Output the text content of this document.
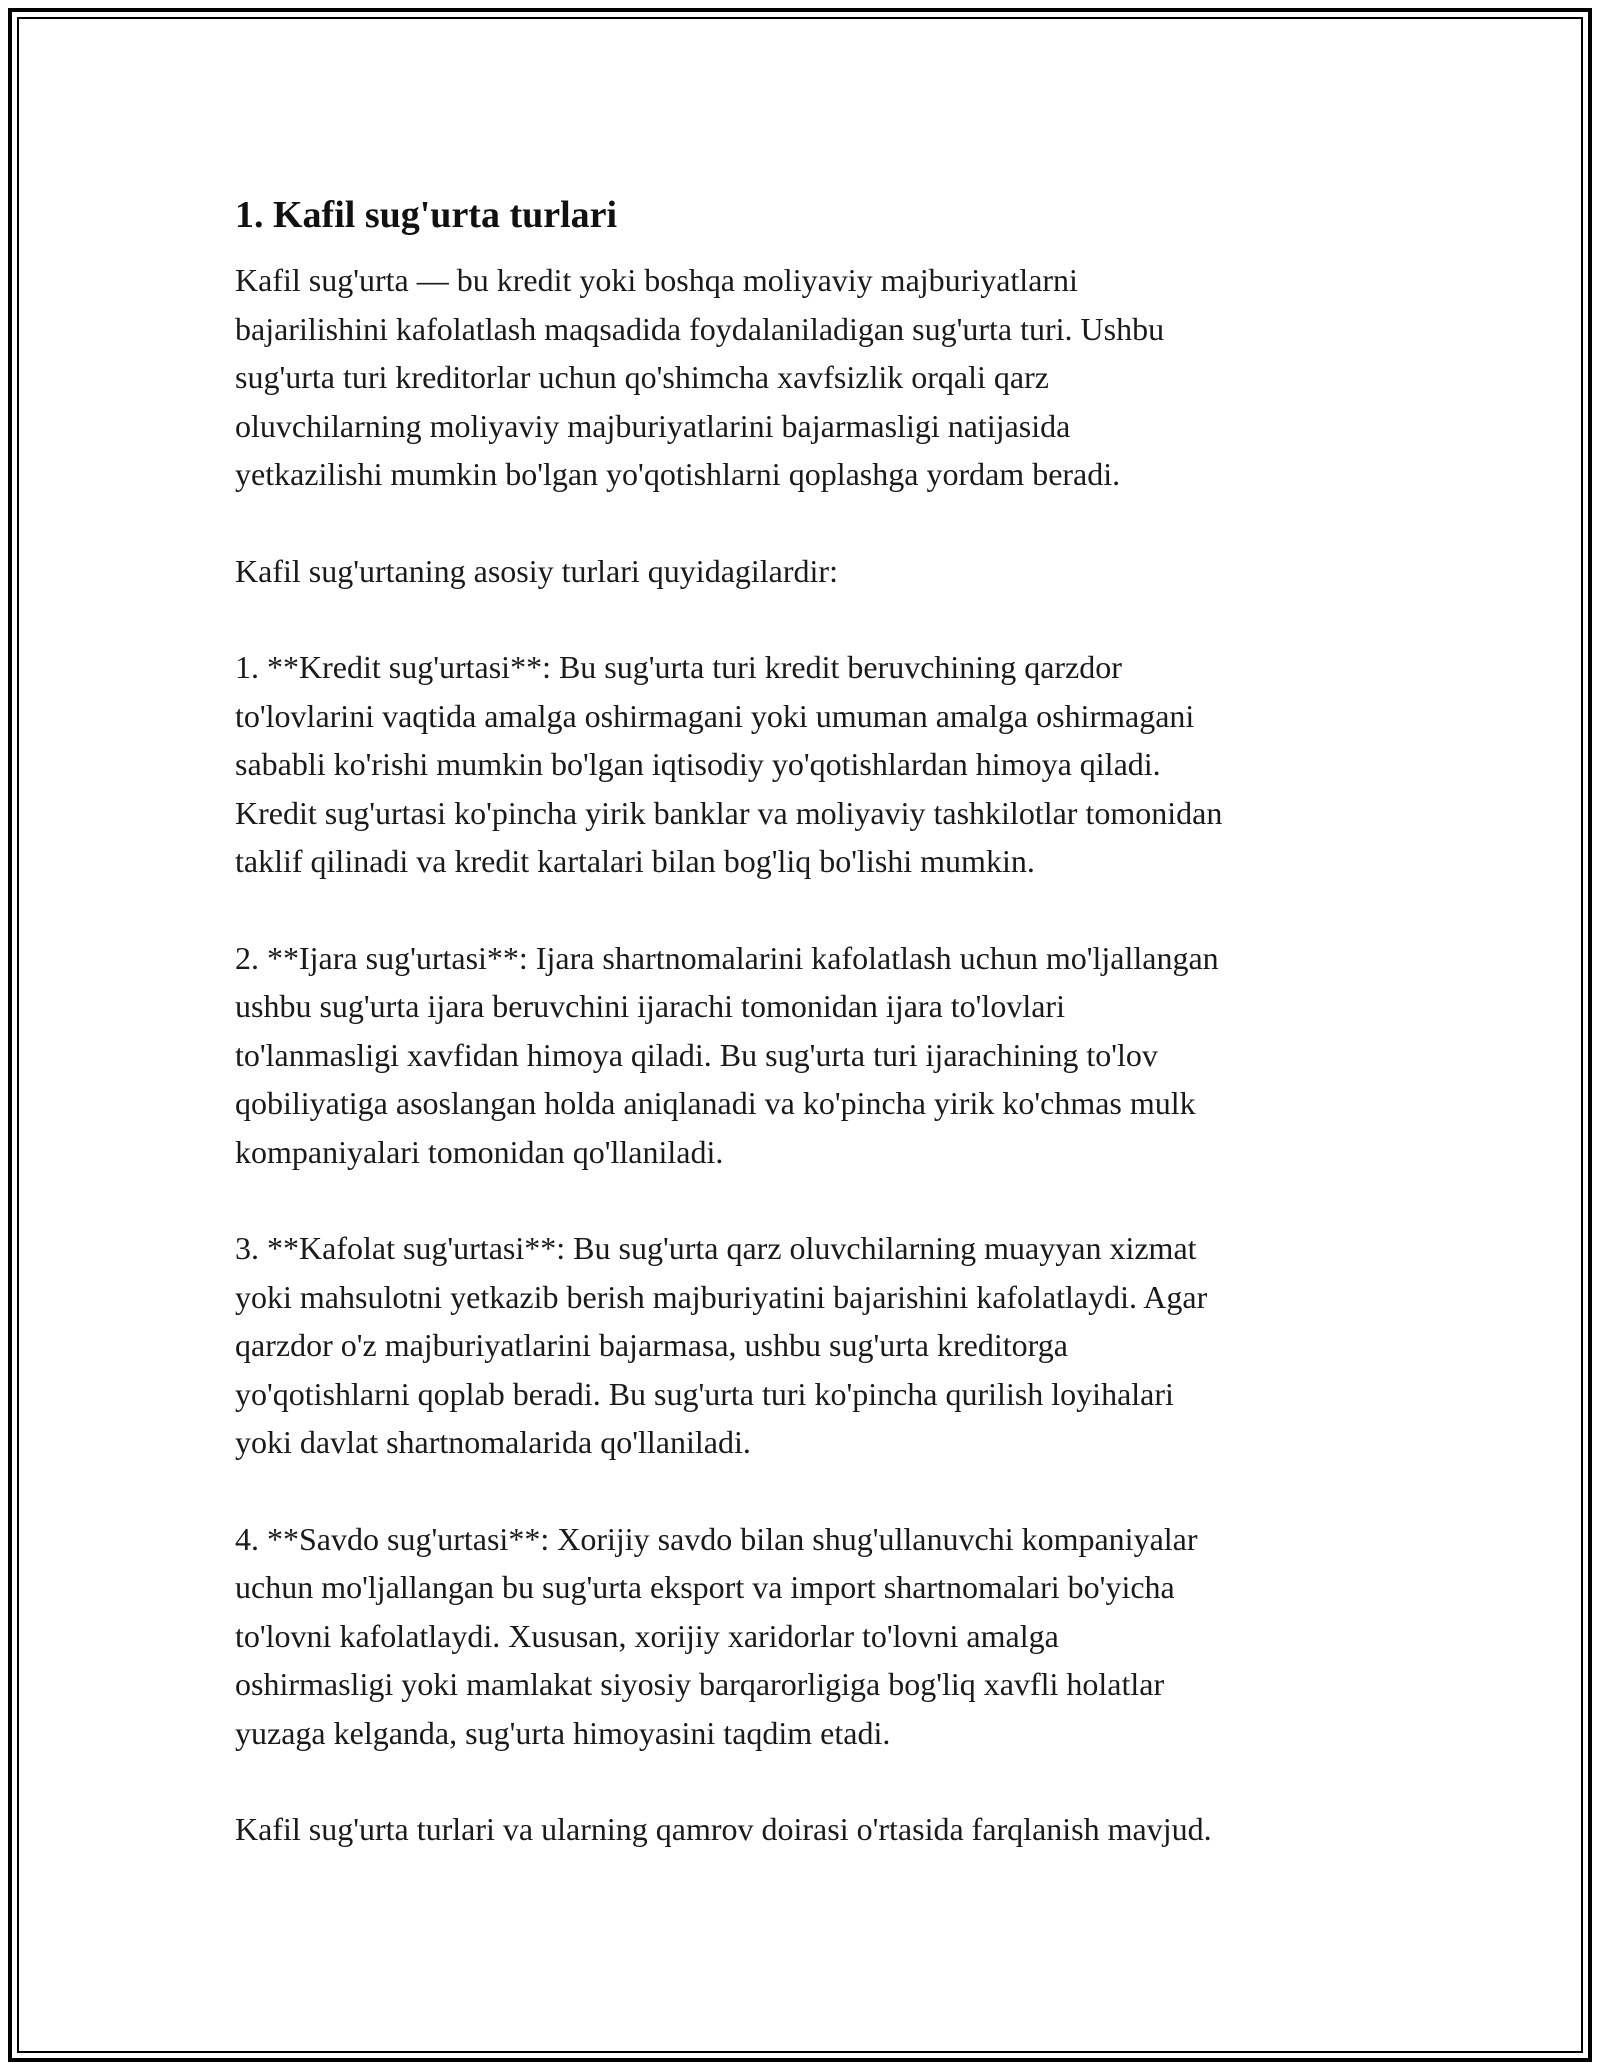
1. Kafil sug'urta turlari

Kafil sug'urta — bu kredit yoki boshqa moliyaviy majburiyatlarni
bajarilishini kafolatlash maqsadida foydalaniladigan sug'urta turi. Ushbu
sug'urta turi kreditorlar uchun qo'shimcha xavfsizlik orqali qarz
oluvchilarning moliyaviy majburiyatlarini bajarmasligi natijasida
yetkazilishi mumkin bo'lgan yo'qotishlarni qoplashga yordam beradi.

Kafil sug'urtaning asosiy turlari quyidagilardir:

1. **Kredit sug'urtasi**: Bu sug'urta turi kredit beruvchining qarzdor
to'lovlarini vaqtida amalga oshirmagani yoki umuman amalga oshirmagani
sababli ko'rishi mumkin bo'lgan iqtisodiy yo'qotishlardan himoya qiladi.
Kredit sug'urtasi ko'pincha yirik banklar va moliyaviy tashkilotlar tomonidan
taklif qilinadi va kredit kartalari bilan bog'liq bo'lishi mumkin.

2. **Ijara sug'urtasi**: Ijara shartnomalarini kafolatlash uchun mo'ljallangan
ushbu sug'urta ijara beruvchini ijarachi tomonidan ijara to'lovlari
to'lanmasligi xavfidan himoya qiladi. Bu sug'urta turi ijarachining to'lov
qobiliyatiga asoslangan holda aniqlanadi va ko'pincha yirik ko'chmas mulk
kompaniyalari tomonidan qo'llaniladi.

3. **Kafolat sug'urtasi**: Bu sug'urta qarz oluvchilarning muayyan xizmat
yoki mahsulotni yetkazib berish majburiyatini bajarishini kafolatlaydi. Agar
qarzdor o'z majburiyatlarini bajarmasa, ushbu sug'urta kreditorga
yo'qotishlarni qoplab beradi. Bu sug'urta turi ko'pincha qurilish loyihalari
yoki davlat shartnomalarida qo'llaniladi.

4. **Savdo sug'urtasi**: Xorijiy savdo bilan shug'ullanuvchi kompaniyalar
uchun mo'ljallangan bu sug'urta eksport va import shartnomalari bo'yicha
to'lovni kafolatlaydi. Xususan, xorijiy xaridorlar to'lovni amalga
oshirmasligi yoki mamlakat siyosiy barqarorligiga bog'liq xavfli holatlar
yuzaga kelganda, sug'urta himoyasini taqdim etadi.

Kafil sug'urta turlari va ularning qamrov doirasi o'rtasida farqlanish mavjud.
